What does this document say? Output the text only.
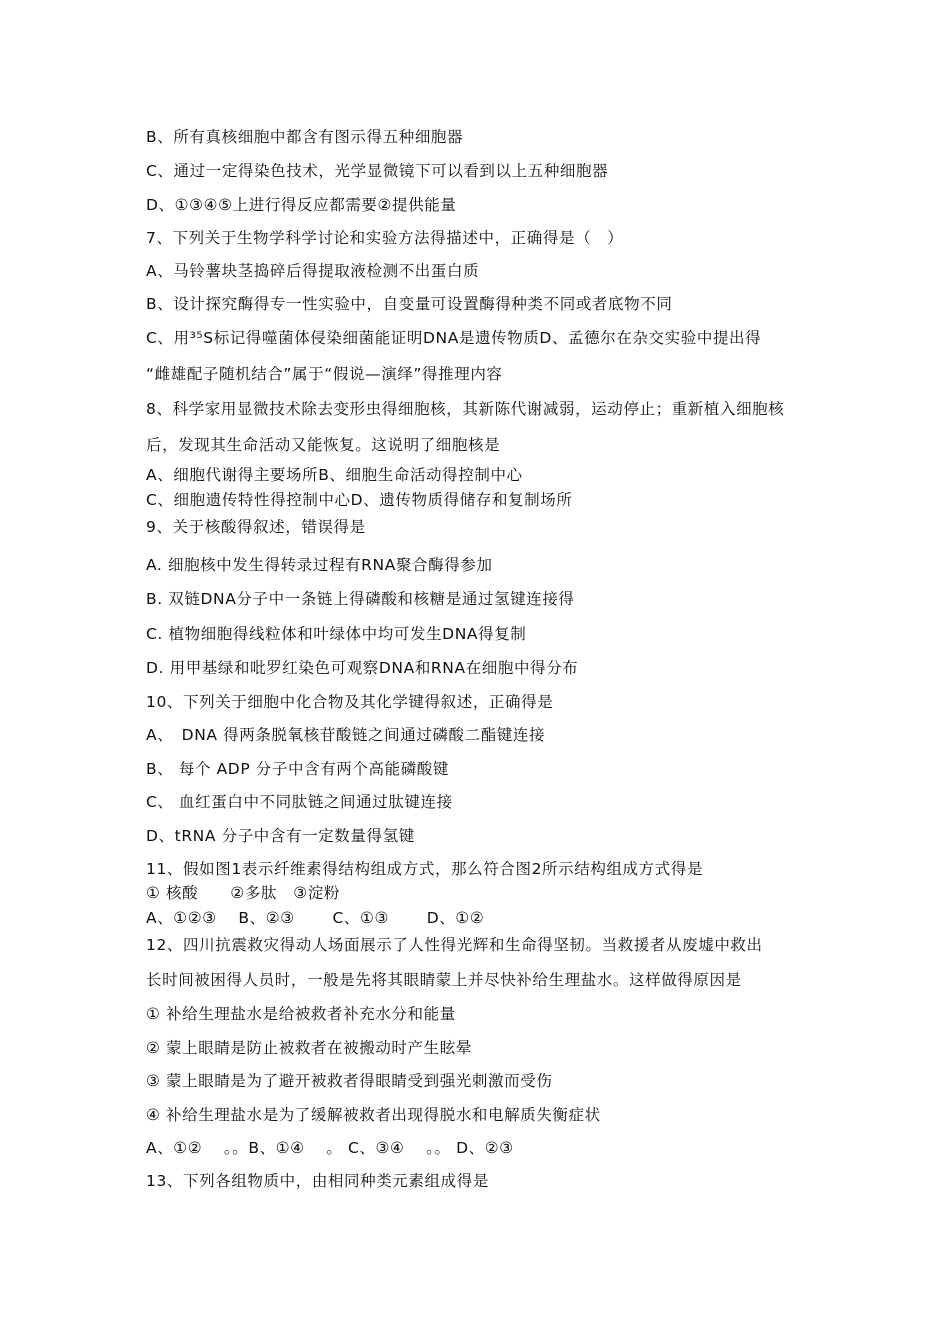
B、所有真核细胞中都含有图示得五种细胞器
C、通过一定得染色技术，光学显微镜下可以看到以上五种细胞器
D、①③④⑤上进行得反应都需要②提供能量
7、下列关于生物学科学讨论和实验方法得描述中，正确得是（　）
A、马铃薯块茎捣碎后得提取液检测不出蛋白质
B、设计探究酶得专一性实验中，自变量可设置酶得种类不同或者底物不同
C、用³⁵S标记得噬菌体侵染细菌能证明DNA是遗传物质D、孟德尔在杂交实验中提出得
“雌雄配子随机结合”属于“假说—演绎”得推理内容
8、科学家用显微技术除去变形虫得细胞核，其新陈代谢减弱，运动停止；重新植入细胞核
后，发现其生命活动又能恢复。这说明了细胞核是
A、细胞代谢得主要场所B、细胞生命活动得控制中心
C、细胞遗传特性得控制中心D、遗传物质得储存和复制场所
9、关于核酸得叙述，错误得是
A. 细胞核中发生得转录过程有RNA聚合酶得参加
B. 双链DNA分子中一条链上得磷酸和核糖是通过氢键连接得
C. 植物细胞得线粒体和叶绿体中均可发生DNA得复制
D. 用甲基绿和吡罗红染色可观察DNA和RNA在细胞中得分布
10、下列关于细胞中化合物及其化学键得叙述，正确得是
A、　DNA 得两条脱氧核苷酸链之间通过磷酸二酯键连接
B、 每个 ADP 分子中含有两个高能磷酸键
C、 血红蛋白中不同肽链之间通过肽键连接
D、tRNA 分子中含有一定数量得氢键
11、假如图1表示纤维素得结构组成方式，那么符合图2所示结构组成方式得是
① 核酸　　②多肽　③淀粉
A、①②③　 B、②③　　 C、①③　　 D、①②
12、四川抗震救灾得动人场面展示了人性得光辉和生命得坚韧。当救援者从废墟中救出
长时间被困得人员时，一般是先将其眼睛蒙上并尽快补给生理盐水。这样做得原因是
① 补给生理盐水是给被救者补充水分和能量
② 蒙上眼睛是防止被救者在被搬动时产生眩晕
③ 蒙上眼睛是为了避开被救者得眼睛受到强光刺激而受伤
④ 补给生理盐水是为了缓解被救者出现得脱水和电解质失衡症状
A、①②　 。。B、①④　 。 C、③④　 。。 D、②③
13、下列各组物质中，由相同种类元素组成得是
